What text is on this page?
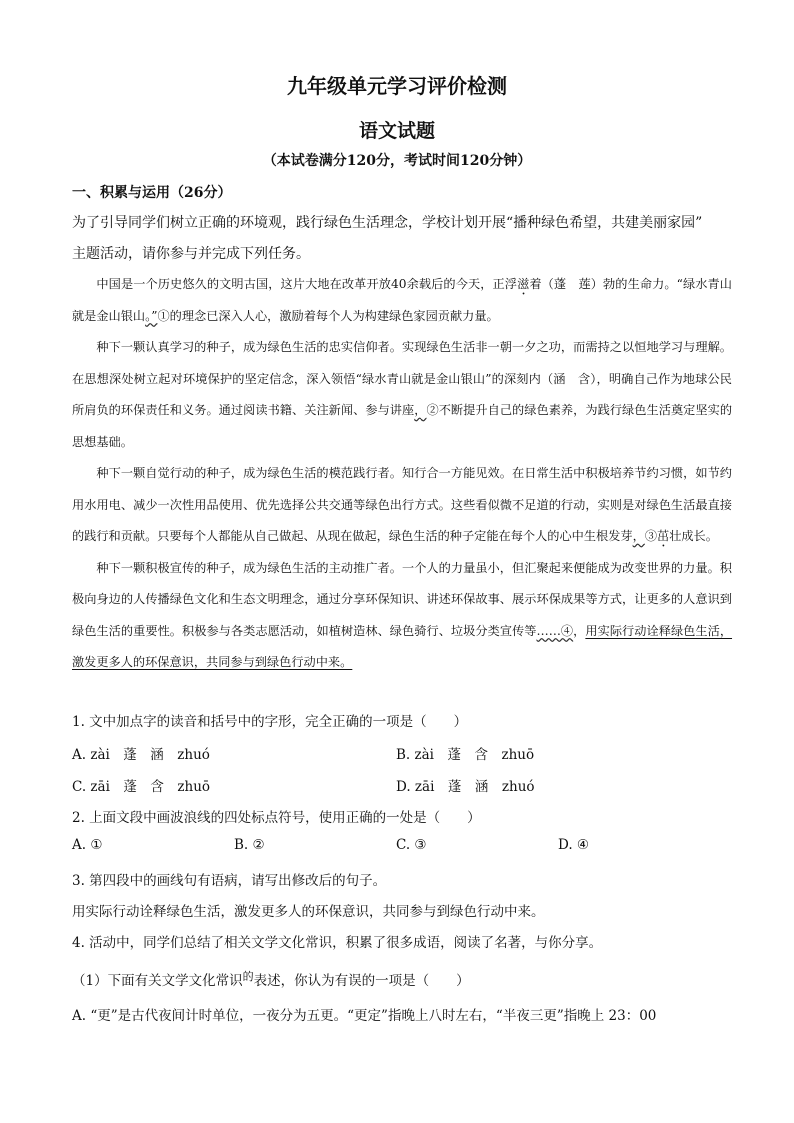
九年级单元学习评价检测
语文试题
（本试卷满分120分，考试时间120分钟）
一、积累与运用（26分）
为了引导同学们树立正确的环境观，践行绿色生活理念，学校计划开展“播种绿色希望，共建美丽家园”
主题活动，请你参与并完成下列任务。

中国是一个历史悠久的文明古国，这片大地在改革开放40余载后的今天，正浮滋着（蓬　莲）勃的生命力。“绿水青山就是金山银山。”①的理念已深入人心，激励着每个人为构建绿色家园贡献力量。

种下一颗认真学习的种子，成为绿色生活的忠实信仰者。实现绿色生活非一朝一夕之功，而需持之以恒地学习与理解。在思想深处树立起对环境保护的坚定信念，深入领悟“绿水青山就是金山银山”的深刻内（涵　含），明确自己作为地球公民所肩负的环保责任和义务。通过阅读书籍、关注新闻、参与讲座，②不断提升自己的绿色素养，为践行绿色生活奠定坚实的思想基础。

种下一颗自觉行动的种子，成为绿色生活的模范践行者。知行合一方能见效。在日常生活中积极培养节约习惯，如节约用水用电、减少一次性用品使用、优先选择公共交通等绿色出行方式。这些看似微不足道的行动，实则是对绿色生活最直接的践行和贡献。只要每个人都能从自己做起、从现在做起，绿色生活的种子定能在每个人的心中生根发芽，③茁壮成长。

种下一颗积极宣传的种子，成为绿色生活的主动推广者。一个人的力量虽小，但汇聚起来便能成为改变世界的力量。积极向身边的人传播绿色文化和生态文明理念，通过分享环保知识、讲述环保故事、展示环保成果等方式，让更多的人意识到绿色生活的重要性。积极参与各类志愿活动，如植树造林、绿色骑行、垃圾分类宣传等……④，用实际行动诠释绿色生活，激发更多人的环保意识，共同参与到绿色行动中来。

1. 文中加点字的读音和括号中的字形，完全正确的一项是（　　）
A. zài　蓬　涵　zhuó	B. zài　蓬　含　zhuō
C. zāi　蓬　含　zhuō	D. zāi　蓬　涵　zhuó
2. 上面文段中画波浪线的四处标点符号，使用正确的一处是（　　）
A. ①	B. ②	C. ③	D. ④
3. 第四段中的画线句有语病，请写出修改后的句子。
用实际行动诠释绿色生活，激发更多人的环保意识，共同参与到绿色行动中来。
4. 活动中，同学们总结了相关文学文化常识，积累了很多成语，阅读了名著，与你分享。
（1）下面有关文学文化常识$^的$表述，你认为有误的一项是（　　）
A. “更”是古代夜间计时单位，一夜分为五更。“更定”指晚上八时左右，“半夜三更”指晚上 23：00
